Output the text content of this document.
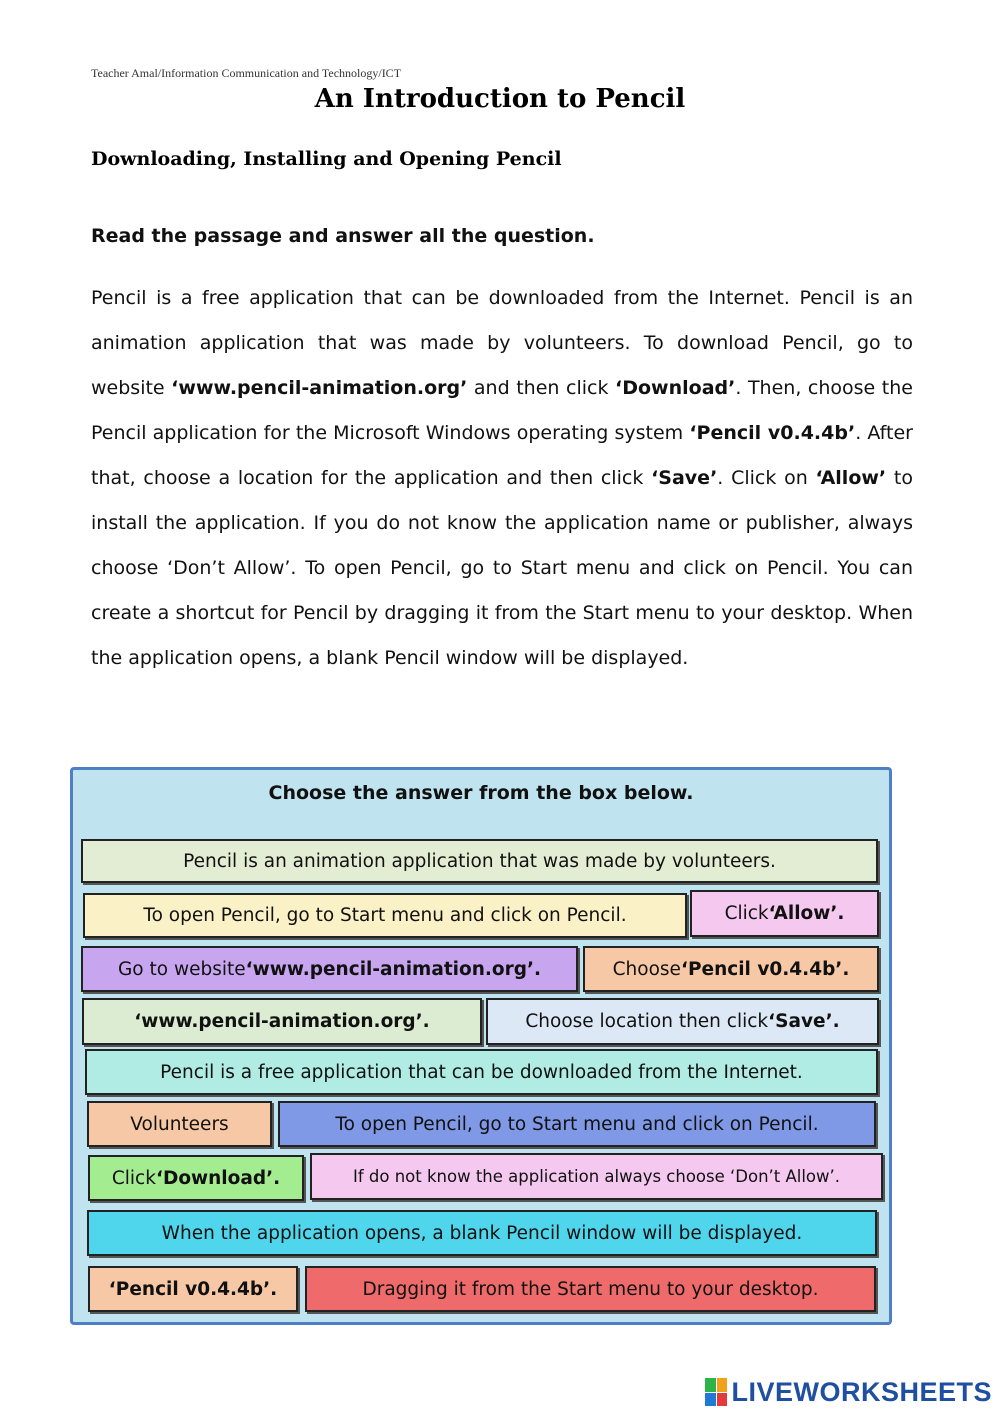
Teacher Amal/Information Communication and Technology/ICT
An Introduction to Pencil
Downloading, Installing and Opening Pencil
Read the passage and answer all the question.

Pencil is a free application that can be downloaded from the Internet. Pencil is an animation application that was made by volunteers. To download Pencil, go to website ‘www.pencil-animation.org’ and then click ‘Download’. Then, choose the Pencil application for the Microsoft Windows operating system ‘Pencil v0.4.4b’. After that, choose a location for the application and then click ‘Save’. Click on ‘Allow’ to install the application. If you do not know the application name or publisher, always choose ‘Don’t Allow’. To open Pencil, go to Start menu and click on Pencil. You can create a shortcut for Pencil by dragging it from the Start menu to your desktop. When the application opens, a blank Pencil window will be displayed.

Choose the answer from the box below.
Pencil is an animation application that was made by volunteers.
To open Pencil, go to Start menu and click on Pencil.	Click ‘Allow’.
Go to website ‘www.pencil-animation.org’.	Choose ‘Pencil v0.4.4b’.
‘www.pencil-animation.org’.	Choose location then click ‘Save’.
Pencil is a free application that can be downloaded from the Internet.
Volunteers	To open Pencil, go to Start menu and click on Pencil.
Click ‘Download’.	If do not know the application always choose ‘Don’t Allow’.
When the application opens, a blank Pencil window will be displayed.
‘Pencil v0.4.4b’.	Dragging it from the Start menu to your desktop.
LIVEWORKSHEETS
